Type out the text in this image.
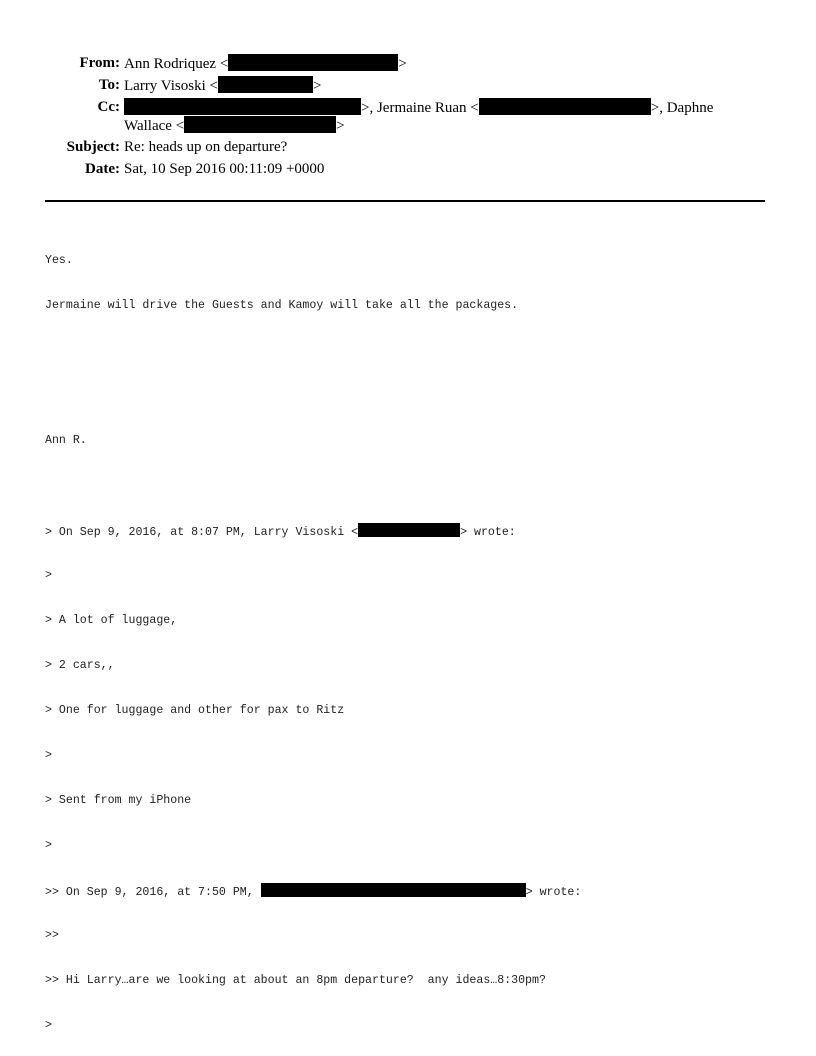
From: Ann Rodriquez <	>
To: Larry Visoski <	>
Cc:	>, Jermaine Ruan <	>, Daphne
Wallace <	>
Subject: Re: heads up on departure?
Date: Sat, 10 Sep 2016 00:11:09 +0000

Yes.

Jermaine will drive the Guests and Kamoy will take all the packages.

Ann R.

> On Sep 9, 2016, at 8:07 PM, Larry Visoski <	> wrote:

>

> A lot of luggage,

> 2 cars,,

> One for luggage and other for pax to Ritz

>

> Sent from my iPhone

>

>> On Sep 9, 2016, at 7:50 PM,	> wrote:

>>

>> Hi Larry…are we looking at about an 8pm departure?  any ideas…8:30pm?

>
